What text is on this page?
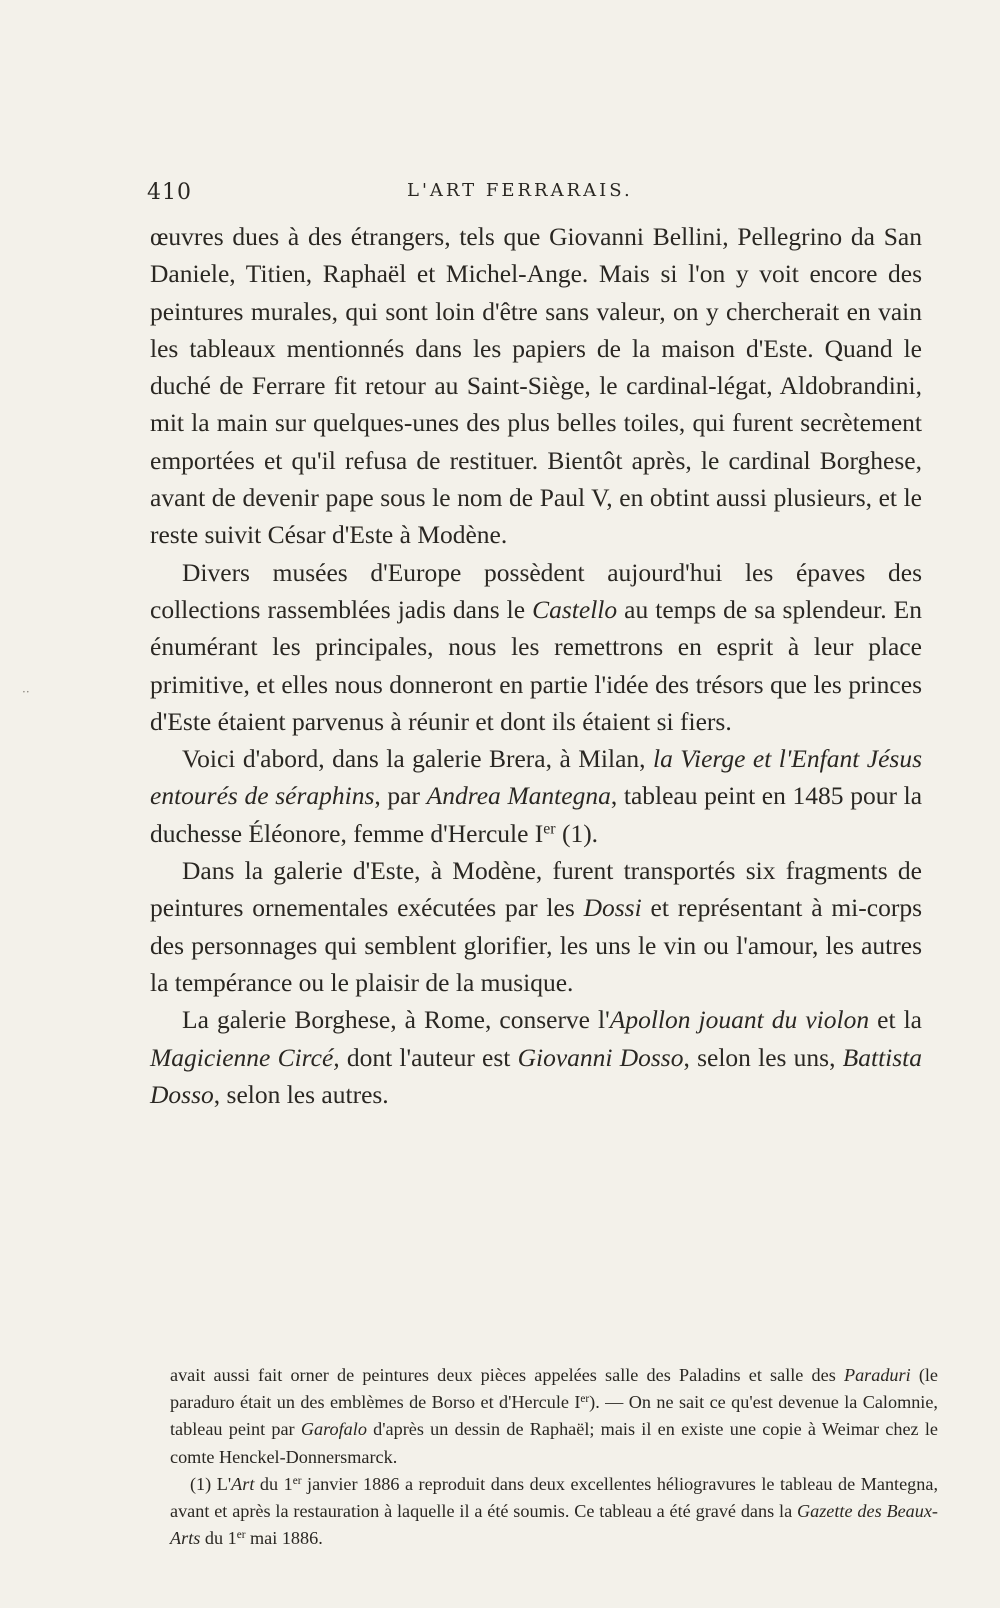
··
410	L'ART FERRARAIS.

œuvres dues à des étrangers, tels que Giovanni Bellini, Pellegrino da San Daniele, Titien, Raphaël et Michel-Ange. Mais si l'on y voit encore des peintures murales, qui sont loin d'être sans valeur, on y chercherait en vain les tableaux mentionnés dans les papiers de la maison d'Este. Quand le duché de Ferrare fit retour au Saint-Siège, le cardinal-légat, Aldobrandini, mit la main sur quelques-unes des plus belles toiles, qui furent secrètement emportées et qu'il refusa de restituer. Bientôt après, le cardinal Borghese, avant de devenir pape sous le nom de Paul V, en obtint aussi plusieurs, et le reste suivit César d'Este à Modène.

Divers musées d'Europe possèdent aujourd'hui les épaves des collections rassemblées jadis dans le Castello au temps de sa splendeur. En énumérant les principales, nous les remettrons en esprit à leur place primitive, et elles nous donneront en partie l'idée des trésors que les princes d'Este étaient parvenus à réunir et dont ils étaient si fiers.

Voici d'abord, dans la galerie Brera, à Milan, la Vierge et l'Enfant Jésus entourés de séraphins, par Andrea Mantegna, tableau peint en 1485 pour la duchesse Éléonore, femme d'Hercule Ier (1).

Dans la galerie d'Este, à Modène, furent transportés six fragments de peintures ornementales exécutées par les Dossi et représentant à mi-corps des personnages qui semblent glorifier, les uns le vin ou l'amour, les autres la tempérance ou le plaisir de la musique.

La galerie Borghese, à Rome, conserve l'Apollon jouant du violon et la Magicienne Circé, dont l'auteur est Giovanni Dosso, selon les uns, Battista Dosso, selon les autres.

avait aussi fait orner de peintures deux pièces appelées salle des Paladins et salle des Paraduri (le paraduro était un des emblèmes de Borso et d'Hercule Ier). — On ne sait ce qu'est devenue la Calomnie, tableau peint par Garofalo d'après un dessin de Raphaël; mais il en existe une copie à Weimar chez le comte Henckel-Donnersmarck.

(1) L'Art du 1er janvier 1886 a reproduit dans deux excellentes héliogravures le tableau de Mantegna, avant et après la restauration à laquelle il a été soumis. Ce tableau a été gravé dans la Gazette des Beaux-Arts du 1er mai 1886.
